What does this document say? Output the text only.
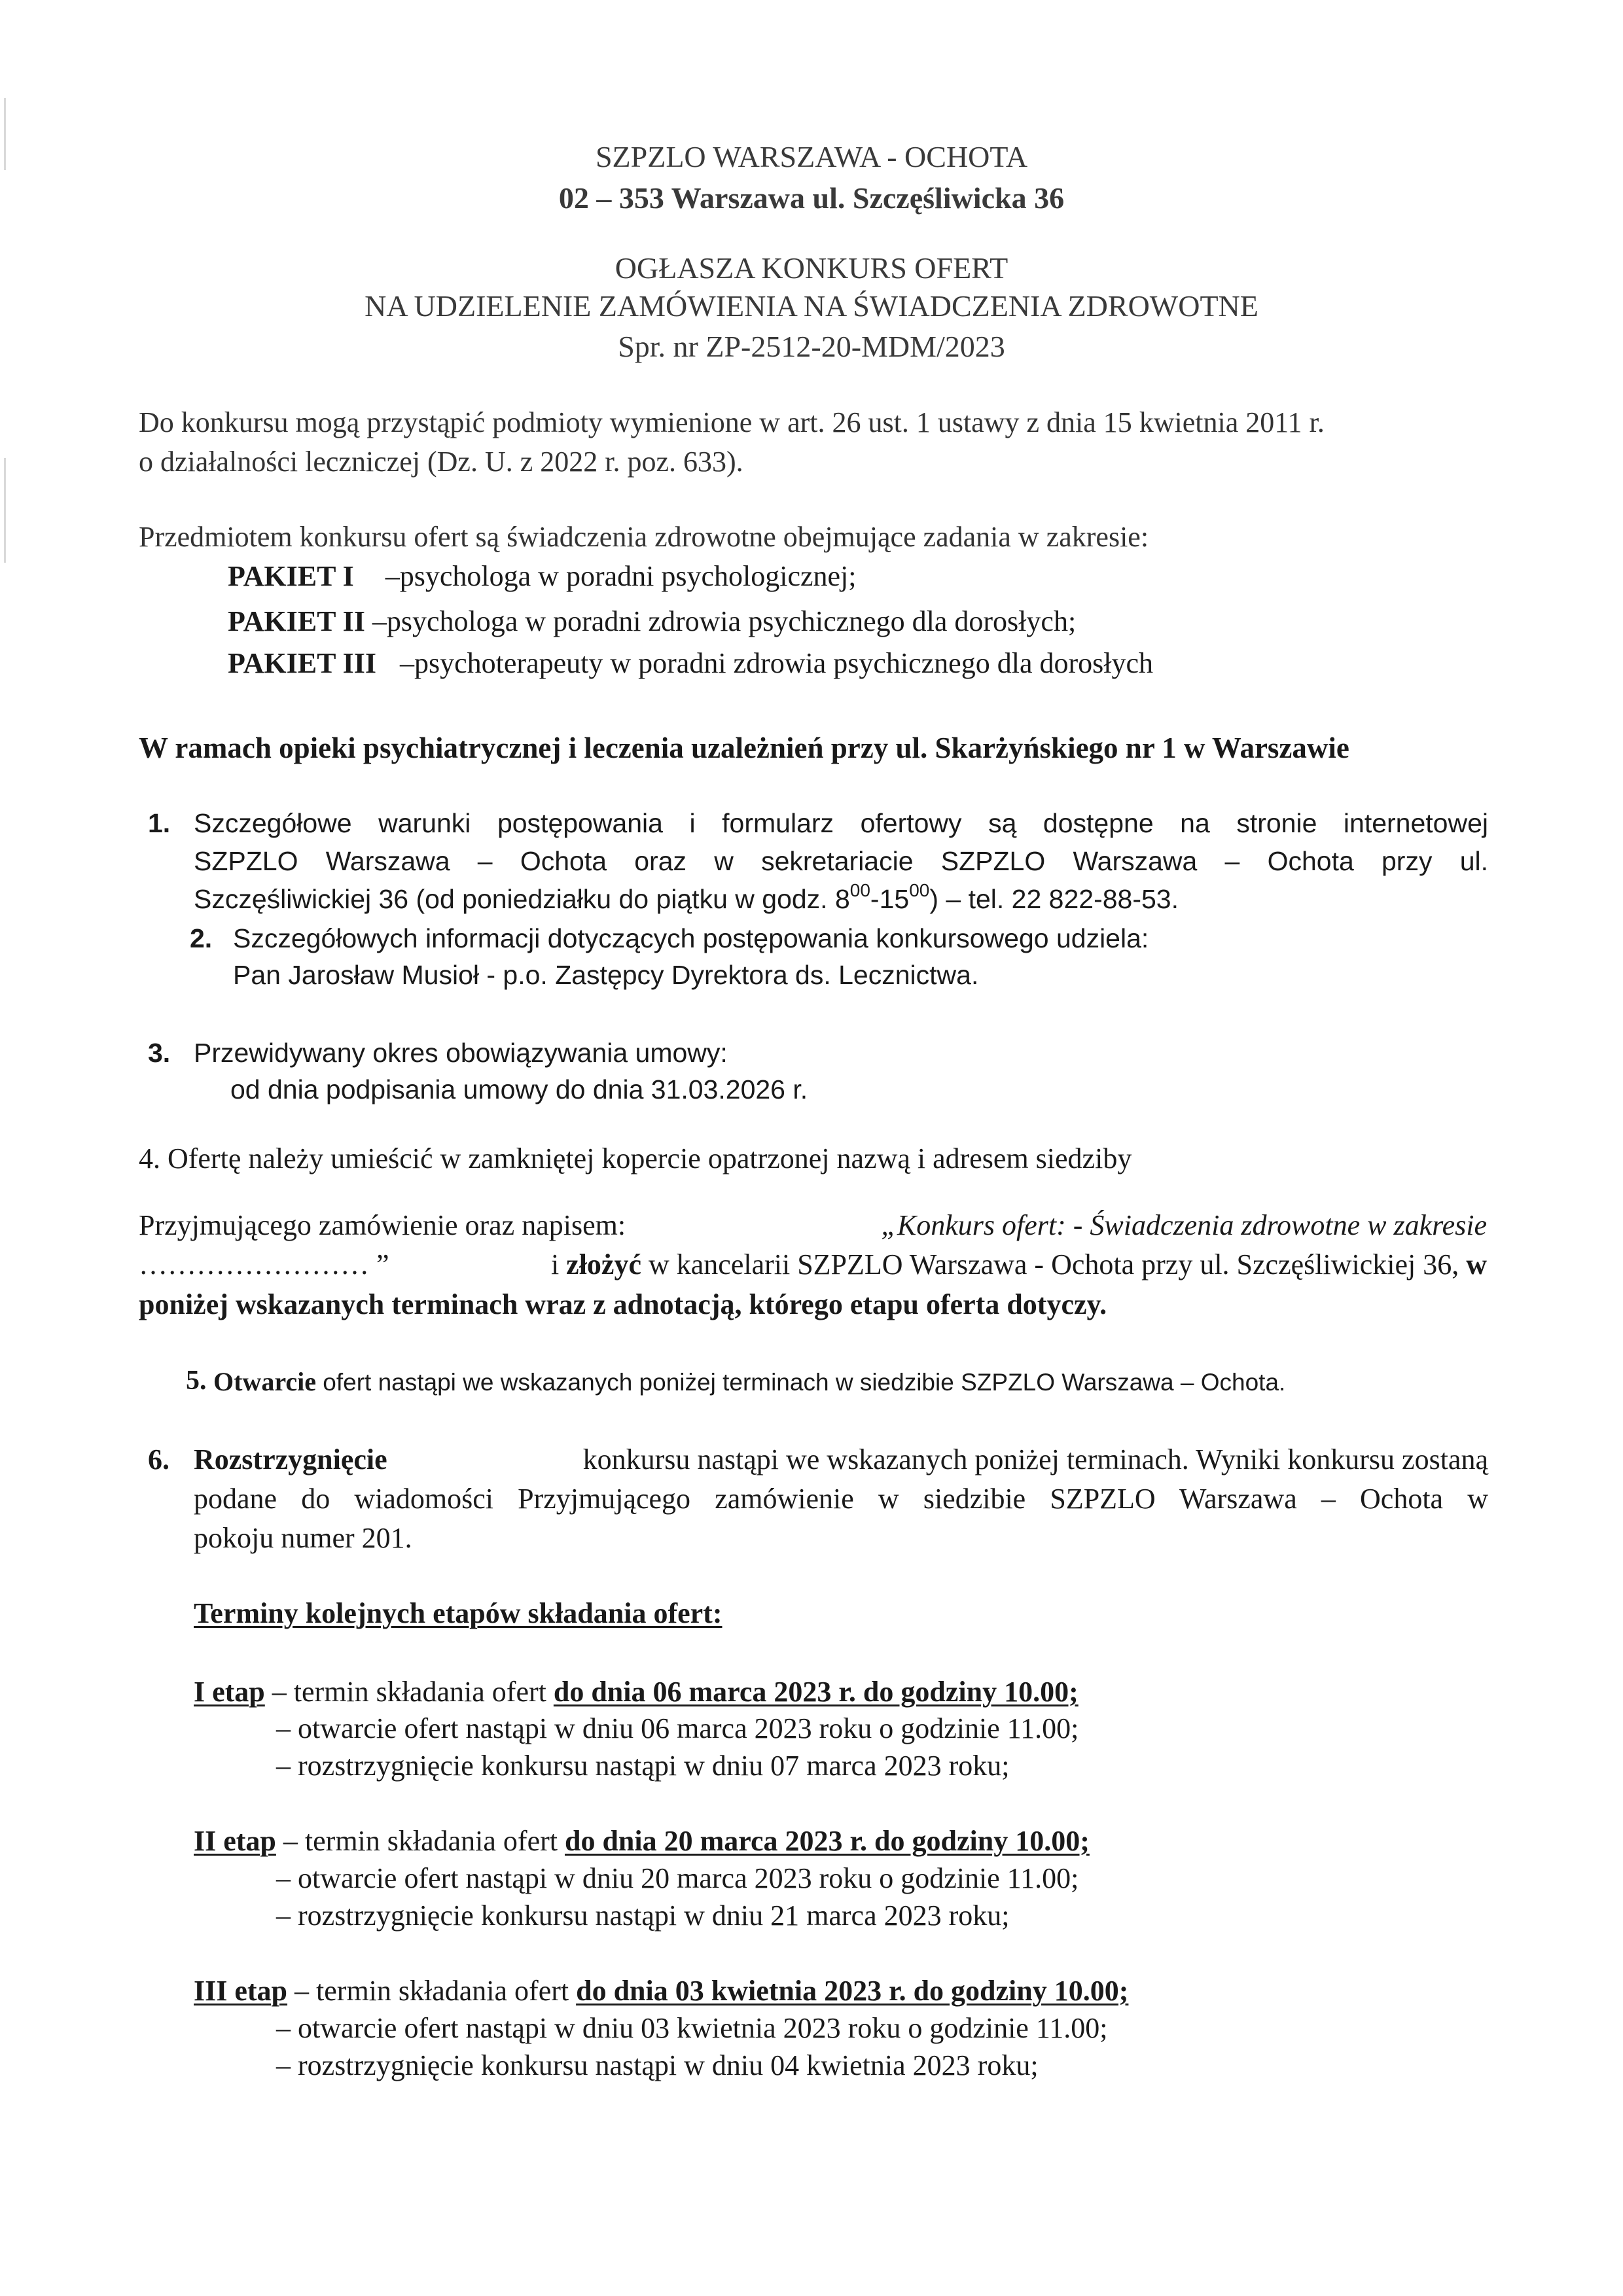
SZPZLO WARSZAWA - OCHOTA
02 – 353 Warszawa ul. Szczęśliwicka 36
OGŁASZA KONKURS OFERT
NA UDZIELENIE ZAMÓWIENIA NA ŚWIADCZENIA ZDROWOTNE
Spr. nr ZP-2512-20-MDM/2023
Do konkursu mogą przystąpić podmioty wymienione w art. 26 ust. 1 ustawy z dnia 15 kwietnia 2011 r.
o działalności leczniczej (Dz. U. z 2022 r. poz. 633).
Przedmiotem konkursu ofert są świadczenia zdrowotne obejmujące zadania w zakresie:
PAKIET I –psychologa w poradni psychologicznej;
PAKIET II –psychologa w poradni zdrowia psychicznego dla dorosłych;
PAKIET III –psychoterapeuty w poradni zdrowia psychicznego dla dorosłych
W ramach opieki psychiatrycznej i leczenia uzależnień przy ul. Skarżyńskiego nr 1 w Warszawie
1. Szczegółowe warunki postępowania i formularz ofertowy są dostępne na stronie internetowej
SZPZLO Warszawa – Ochota oraz w sekretariacie SZPZLO Warszawa – Ochota przy ul.
Szczęśliwickiej 36 (od poniedziałku do piątku w godz. $8^{00}-15^{00}$) – tel. 22 822-88-53.
2. Szczegółowych informacji dotyczących postępowania konkursowego udziela:
Pan Jarosław Musioł - p.o. Zastępcy Dyrektora ds. Lecznictwa.
3. Przewidywany okres obowiązywania umowy:
od dnia podpisania umowy do dnia 31.03.2026 r.
4. Ofertę należy umieścić w zamkniętej kopercie opatrzonej nazwą i adresem siedziby
Przyjmującego zamówienie oraz napisem:	„Konkurs ofert: - Świadczenia zdrowotne w zakresie
…………………… ”	i złożyć w kancelarii SZPZLO Warszawa - Ochota przy ul. Szczęśliwickiej 36, w
poniżej wskazanych terminach wraz z adnotacją, którego etapu oferta dotyczy.
5. Otwarcie ofert nastąpi we wskazanych poniżej terminach w siedzibie SZPZLO Warszawa – Ochota.
6. Rozstrzygnięcie	konkursu nastąpi we wskazanych poniżej terminach. Wyniki konkursu zostaną
podane do wiadomości Przyjmującego zamówienie w siedzibie SZPZLO Warszawa – Ochota w
pokoju numer 201.
Terminy kolejnych etapów składania ofert:
I etap – termin składania ofert do dnia 06 marca 2023 r. do godziny 10.00;
– otwarcie ofert nastąpi w dniu 06 marca 2023 roku o godzinie 11.00;
– rozstrzygnięcie konkursu nastąpi w dniu 07 marca 2023 roku;
II etap – termin składania ofert do dnia 20 marca 2023 r. do godziny 10.00;
– otwarcie ofert nastąpi w dniu 20 marca 2023 roku o godzinie 11.00;
– rozstrzygnięcie konkursu nastąpi w dniu 21 marca 2023 roku;
III etap – termin składania ofert do dnia 03 kwietnia 2023 r. do godziny 10.00;
– otwarcie ofert nastąpi w dniu 03 kwietnia 2023 roku o godzinie 11.00;
– rozstrzygnięcie konkursu nastąpi w dniu 04 kwietnia 2023 roku;
